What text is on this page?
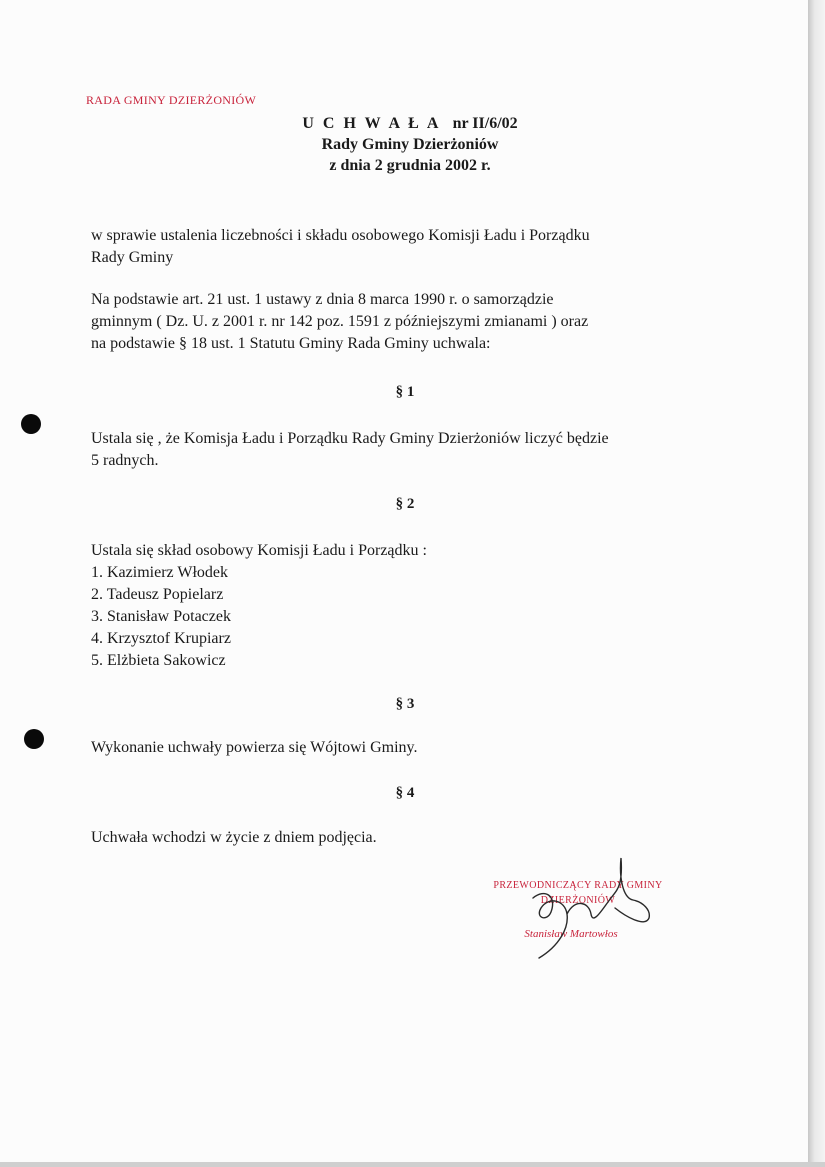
RADA GMINY DZIERŻONIÓW
U C H W A Ł A nr II/6/02
Rady Gminy Dzierżoniów
z dnia 2 grudnia 2002 r.
w sprawie ustalenia liczebności i składu osobowego Komisji Ładu i Porządku
Rady Gminy
Na podstawie art. 21 ust. 1 ustawy z dnia 8 marca 1990 r. o samorządzie
gminnym ( Dz. U. z 2001 r. nr 142 poz. 1591 z późniejszymi zmianami ) oraz
na podstawie § 18 ust. 1 Statutu Gminy Rada Gminy uchwala:
§ 1
Ustala się , że Komisja Ładu i Porządku Rady Gminy Dzierżoniów liczyć będzie
5 radnych.
§ 2
Ustala się skład osobowy Komisji Ładu i Porządku :
1. Kazimierz Włodek
2. Tadeusz Popielarz
3. Stanisław Potaczek
4. Krzysztof Krupiarz
5. Elżbieta Sakowicz
§ 3
Wykonanie uchwały powierza się Wójtowi Gminy.
§ 4
Uchwała wchodzi w życie z dniem podjęcia.
PRZEWODNICZĄCY RADY GMINY
DZIERŻONIÓW
Stanisław Martowłos
